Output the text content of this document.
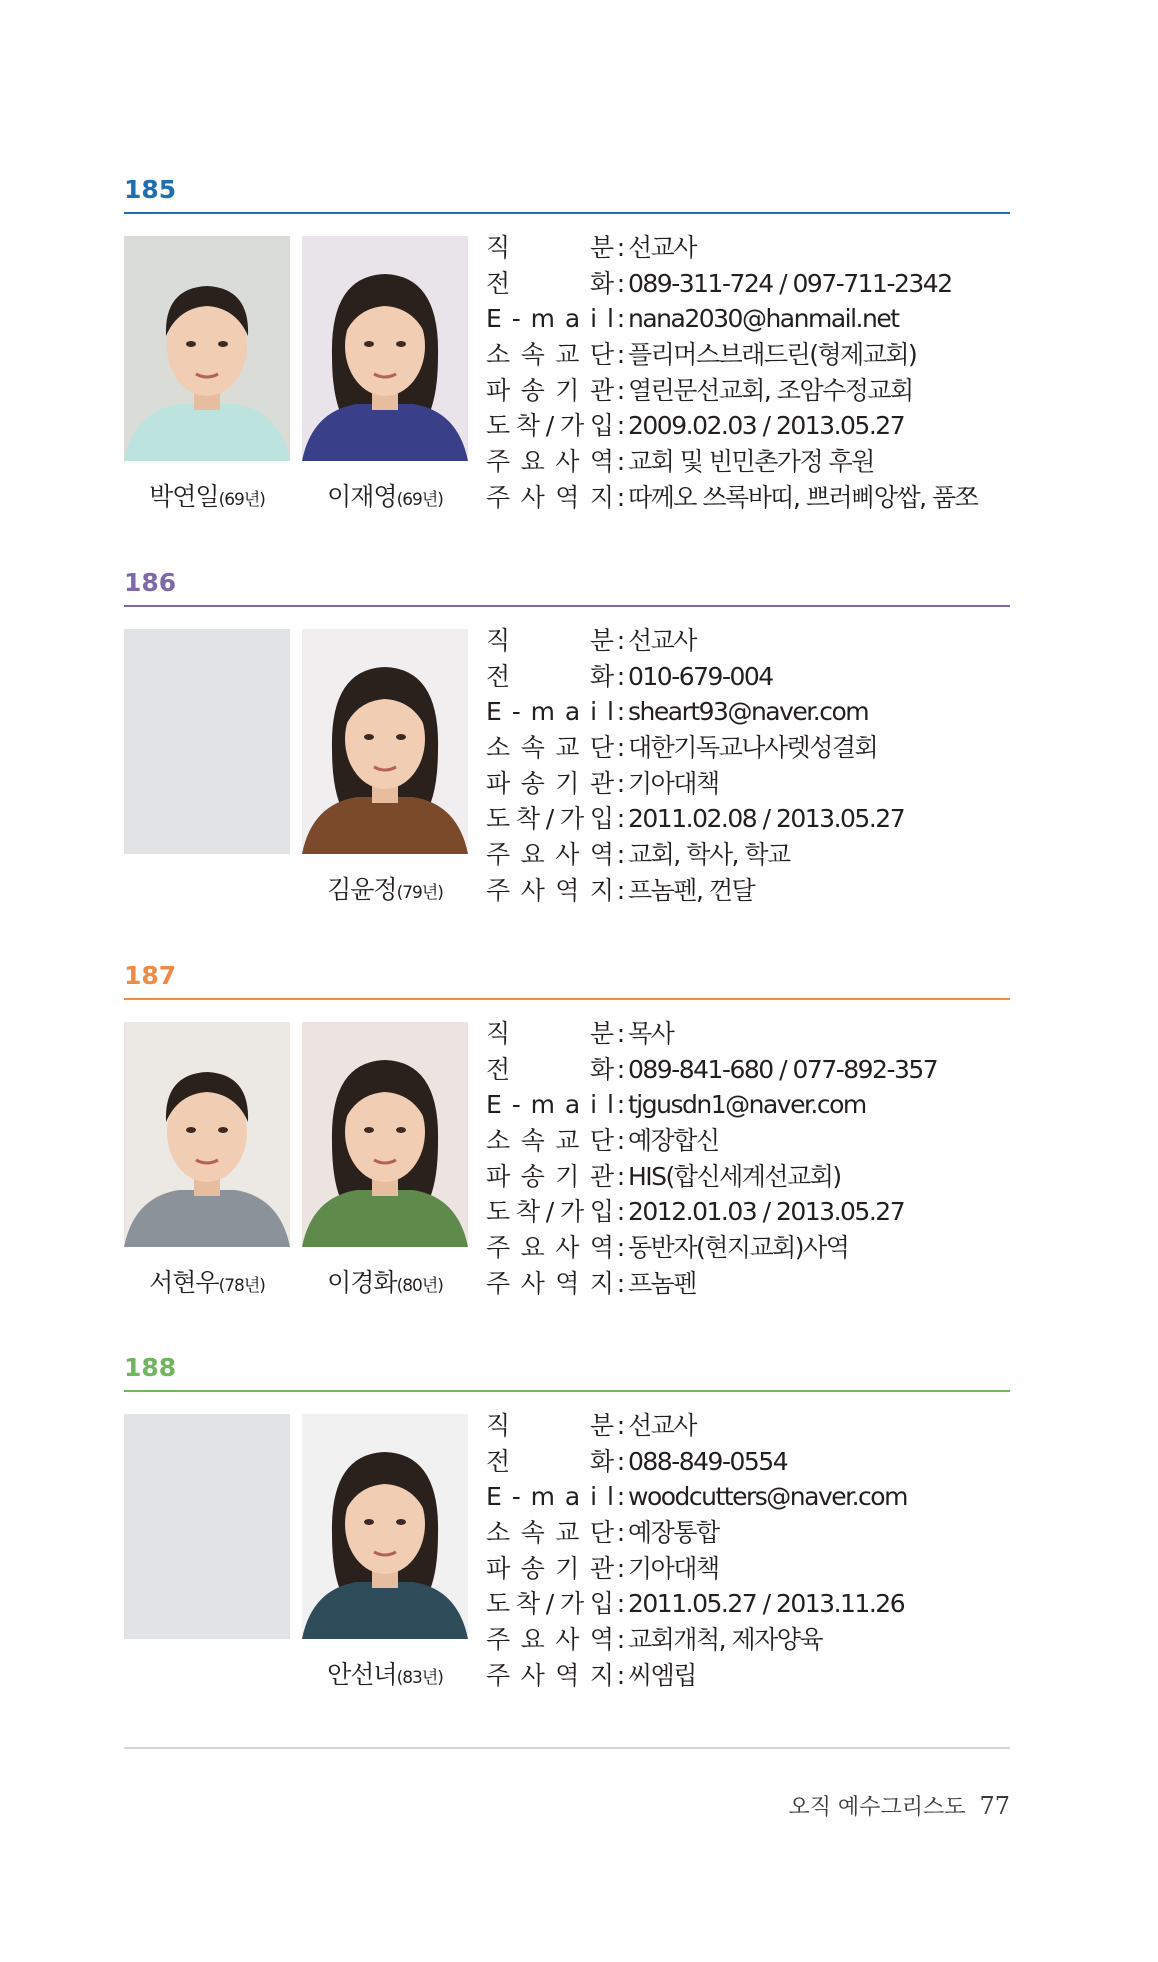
185
박연일(69년)	이재영(69년)
직	분 : 선교사
전	화 : 089-311-724 / 097-711-2342
E - m a i l : nana2030@hanmail.net
소 속 교 단 : 플리머스브래드린(형제교회)
파 송 기 관 : 열린문선교회, 조암수정교회
도 착 / 가 입 : 2009.02.03 / 2013.05.27
주 요 사 역 : 교회 및 빈민촌가정 후원
주 사 역 지 : 따께오 쓰록바띠, 쁘러삐앙쌉, 품쪼
186
김윤정(79년)
직	분 : 선교사
전	화 : 010-679-004
E - m a i l : sheart93@naver.com
소 속 교 단 : 대한기독교나사렛성결회
파 송 기 관 : 기아대책
도 착 / 가 입 : 2011.02.08 / 2013.05.27
주 요 사 역 : 교회, 학사, 학교
주 사 역 지 : 프놈펜, 껀달
187
서현우(78년)	이경화(80년)
직	분 : 목사
전	화 : 089-841-680 / 077-892-357
E - m a i l : tjgusdn1@naver.com
소 속 교 단 : 예장합신
파 송 기 관 : HIS(합신세계선교회)
도 착 / 가 입 : 2012.01.03 / 2013.05.27
주 요 사 역 : 동반자(현지교회)사역
주 사 역 지 : 프놈펜
188
안선녀(83년)
직	분 : 선교사
전	화 : 088-849-0554
E - m a i l : woodcutters@naver.com
소 속 교 단 : 예장통합
파 송 기 관 : 기아대책
도 착 / 가 입 : 2011.05.27 / 2013.11.26
주 요 사 역 : 교회개척, 제자양육
주 사 역 지 : 씨엠립
오직 예수그리스도 77
